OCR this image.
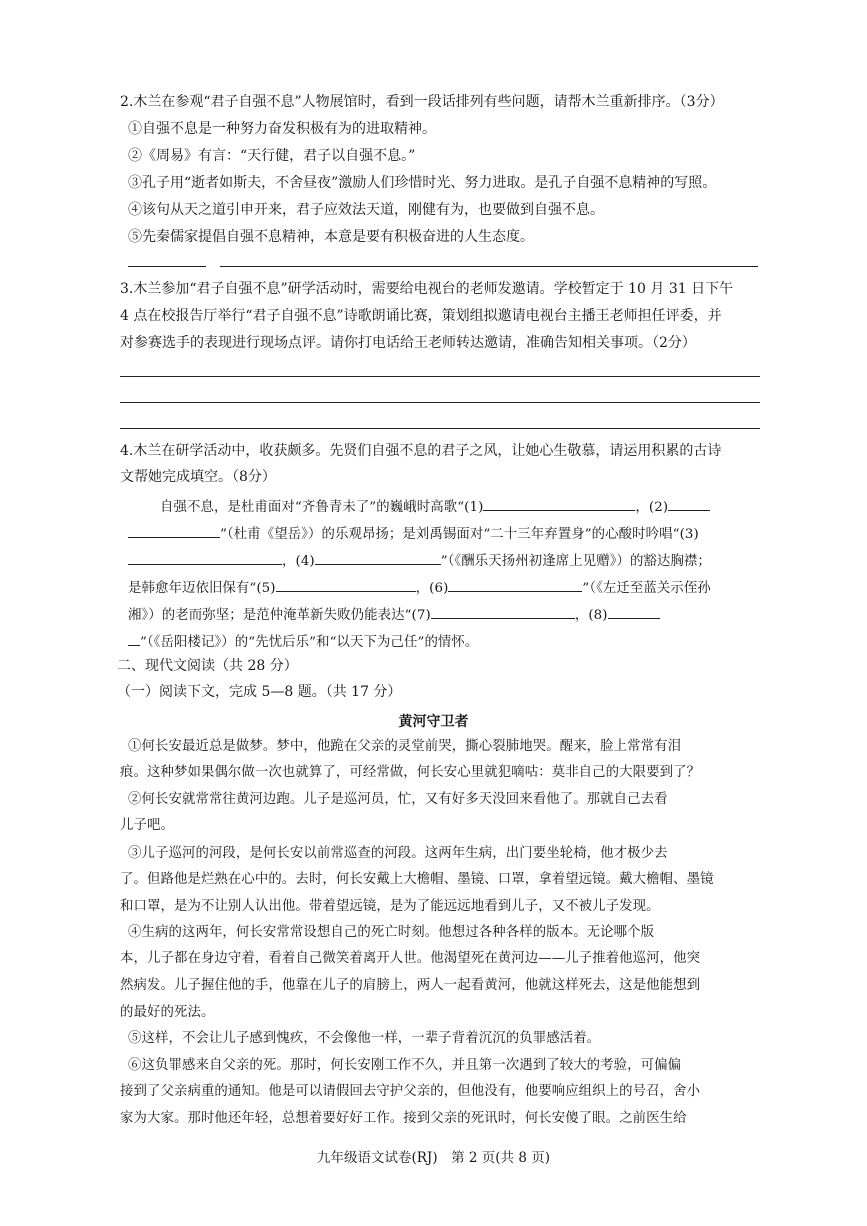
2.木兰在参观“君子自强不息”人物展馆时，看到一段话排列有些问题，请帮木兰重新排序。（3分）
①自强不息是一种努力奋发积极有为的进取精神。
②《周易》有言：“天行健，君子以自强不息。”
③孔子用“逝者如斯夫，不舍昼夜”激励人们珍惜时光、努力进取。是孔子自强不息精神的写照。
④该句从天之道引申开来，君子应效法天道，刚健有为，也要做到自强不息。
⑤先秦儒家提倡自强不息精神，本意是要有积极奋进的人生态度。
3.木兰参加“君子自强不息”研学活动时，需要给电视台的老师发邀请。学校暂定于 10 月 31 日下午
4 点在校报告厅举行“君子自强不息”诗歌朗诵比赛，策划组拟邀请电视台主播王老师担任评委，并
对参赛选手的表现进行现场点评。请你打电话给王老师转达邀请，准确告知相关事项。（2分）
4.木兰在研学活动中，收获颇多。先贤们自强不息的君子之风，让她心生敬慕，请运用积累的古诗
文帮她完成填空。（8分）
自强不息，是杜甫面对“齐鲁青未了”的巍峨时高歌“(1)	，(2)
”（杜甫《望岳》）的乐观昂扬；是刘禹锡面对“二十三年弃置身”的心酸时吟唱“(3)
，(4)	”（《酬乐天扬州初逢席上见赠》）的豁达胸襟；
是韩愈年迈依旧保有“(5)	，(6)	”（《左迁至蓝关示侄孙
湘》）的老而弥坚；是范仲淹革新失败仍能表达“(7)	，(8)
”（《岳阳楼记》）的“先忧后乐”和“以天下为己任”的情怀。
二、现代文阅读（共 28 分）
（一）阅读下文，完成 5—8 题。（共 17 分）
黄河守卫者
①何长安最近总是做梦。梦中，他跪在父亲的灵堂前哭，撕心裂肺地哭。醒来，脸上常常有泪
痕。这种梦如果偶尔做一次也就算了，可经常做，何长安心里就犯嘀咕：莫非自己的大限要到了？
②何长安就常常往黄河边跑。儿子是巡河员，忙，又有好多天没回来看他了。那就自己去看
儿子吧。
③儿子巡河的河段，是何长安以前常巡查的河段。这两年生病，出门要坐轮椅，他才极少去
了。但路他是烂熟在心中的。去时，何长安戴上大檐帽、墨镜、口罩，拿着望远镜。戴大檐帽、墨镜
和口罩，是为不让别人认出他。带着望远镜，是为了能远远地看到儿子，又不被儿子发现。
④生病的这两年，何长安常常设想自己的死亡时刻。他想过各种各样的版本。无论哪个版
本，儿子都在身边守着，看着自己微笑着离开人世。他渴望死在黄河边——儿子推着他巡河，他突
然病发。儿子握住他的手，他靠在儿子的肩膀上，两人一起看黄河，他就这样死去，这是他能想到
的最好的死法。
⑤这样，不会让儿子感到愧疚，不会像他一样，一辈子背着沉沉的负罪感活着。
⑥这负罪感来自父亲的死。那时，何长安刚工作不久，并且第一次遇到了较大的考验，可偏偏
接到了父亲病重的通知。他是可以请假回去守护父亲的，但他没有，他要响应组织上的号召，舍小
家为大家。那时他还年轻，总想着要好好工作。接到父亲的死讯时，何长安傻了眼。之前医生给
九年级语文试卷(RJ)　第 2 页(共 8 页)
